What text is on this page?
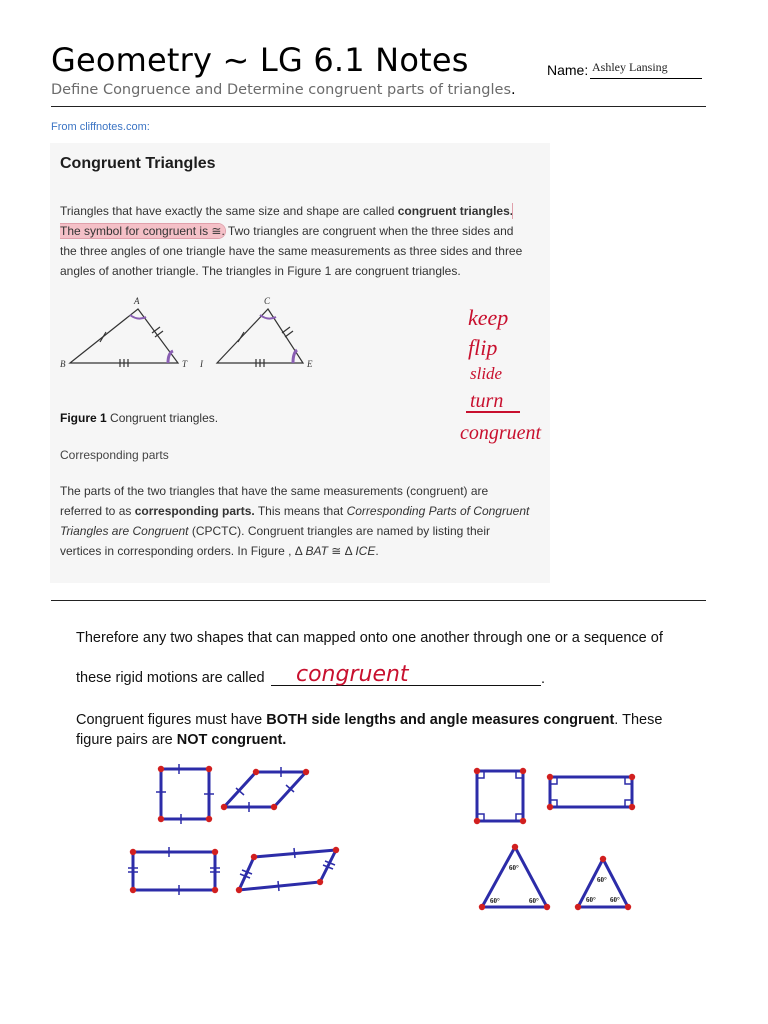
Geometry ~ LG 6.1 Notes	Name: Ashley Lansing
Define Congruence and Determine congruent parts of triangles.
From cliffnotes.com:
Congruent Triangles
Triangles that have exactly the same size and shape are called congruent triangles. The symbol for congruent is ≅. Two triangles are congruent when the three sides and the three angles of one triangle have the same measurements as three sides and three angles of another triangle. The triangles in Figure 1 are congruent triangles.
A
B	T
C
I	E
Figure 1 Congruent triangles.
Corresponding parts
The parts of the two triangles that have the same measurements (congruent) are referred to as corresponding parts. This means that Corresponding Parts of Congruent Triangles are Congruent (CPCTC). Congruent triangles are named by listing their vertices in corresponding orders. In Figure , Δ BAT ≅ Δ ICE.
keep
flip
slide
turn
congruent
Therefore any two shapes that can mapped onto one another through one or a sequence of
these rigid motions are called congruent	.
Congruent figures must have BOTH side lengths and angle measures congruent. These figure pairs are NOT congruent.
60°
60°	60°
60°
60° 60°
